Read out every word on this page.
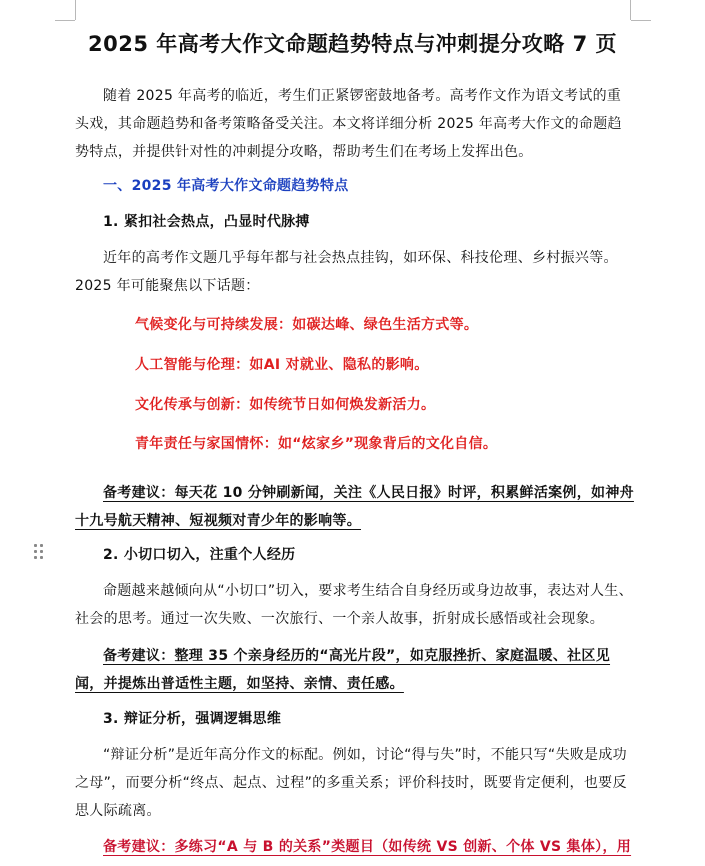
2025 年高考大作文命题趋势特点与冲刺提分攻略 7 页
随着 2025 年高考的临近，考生们正紧锣密鼓地备考。高考作文作为语文考试的重头戏，其命题趋势和备考策略备受关注。本文将详细分析 2025 年高考大作文的命题趋势特点，并提供针对性的冲刺提分攻略，帮助考生们在考场上发挥出色。
一、2025 年高考大作文命题趋势特点
1. 紧扣社会热点，凸显时代脉搏
近年的高考作文题几乎每年都与社会热点挂钩，如环保、科技伦理、乡村振兴等。2025 年可能聚焦以下话题：
气候变化与可持续发展：如碳达峰、绿色生活方式等。
人工智能与伦理：如AI 对就业、隐私的影响。
文化传承与创新：如传统节日如何焕发新活力。
青年责任与家国情怀：如“炫家乡”现象背后的文化自信。
备考建议：每天花 10 分钟刷新闻，关注《人民日报》时评，积累鲜活案例，如神舟十九号航天精神、短视频对青少年的影响等。
2. 小切口切入，注重个人经历
命题越来越倾向从“小切口”切入，要求考生结合自身经历或身边故事，表达对人生、社会的思考。通过一次失败、一次旅行、一个亲人故事，折射成长感悟或社会现象。
备考建议：整理 35 个亲身经历的“高光片段”，如克服挫折、家庭温暖、社区见闻，并提炼出普适性主题，如坚持、亲情、责任感。
3. 辩证分析，强调逻辑思维
“辩证分析”是近年高分作文的标配。例如，讨论“得与失”时，不能只写“失败是成功之母”，而要分析“终点、起点、过程”的多重关系；评价科技时，既要肯定便利，也要反思人际疏离。
备考建议：多练习“A 与 B 的关系”类题目（如传统 VS 创新、个体 VS 集体），用
